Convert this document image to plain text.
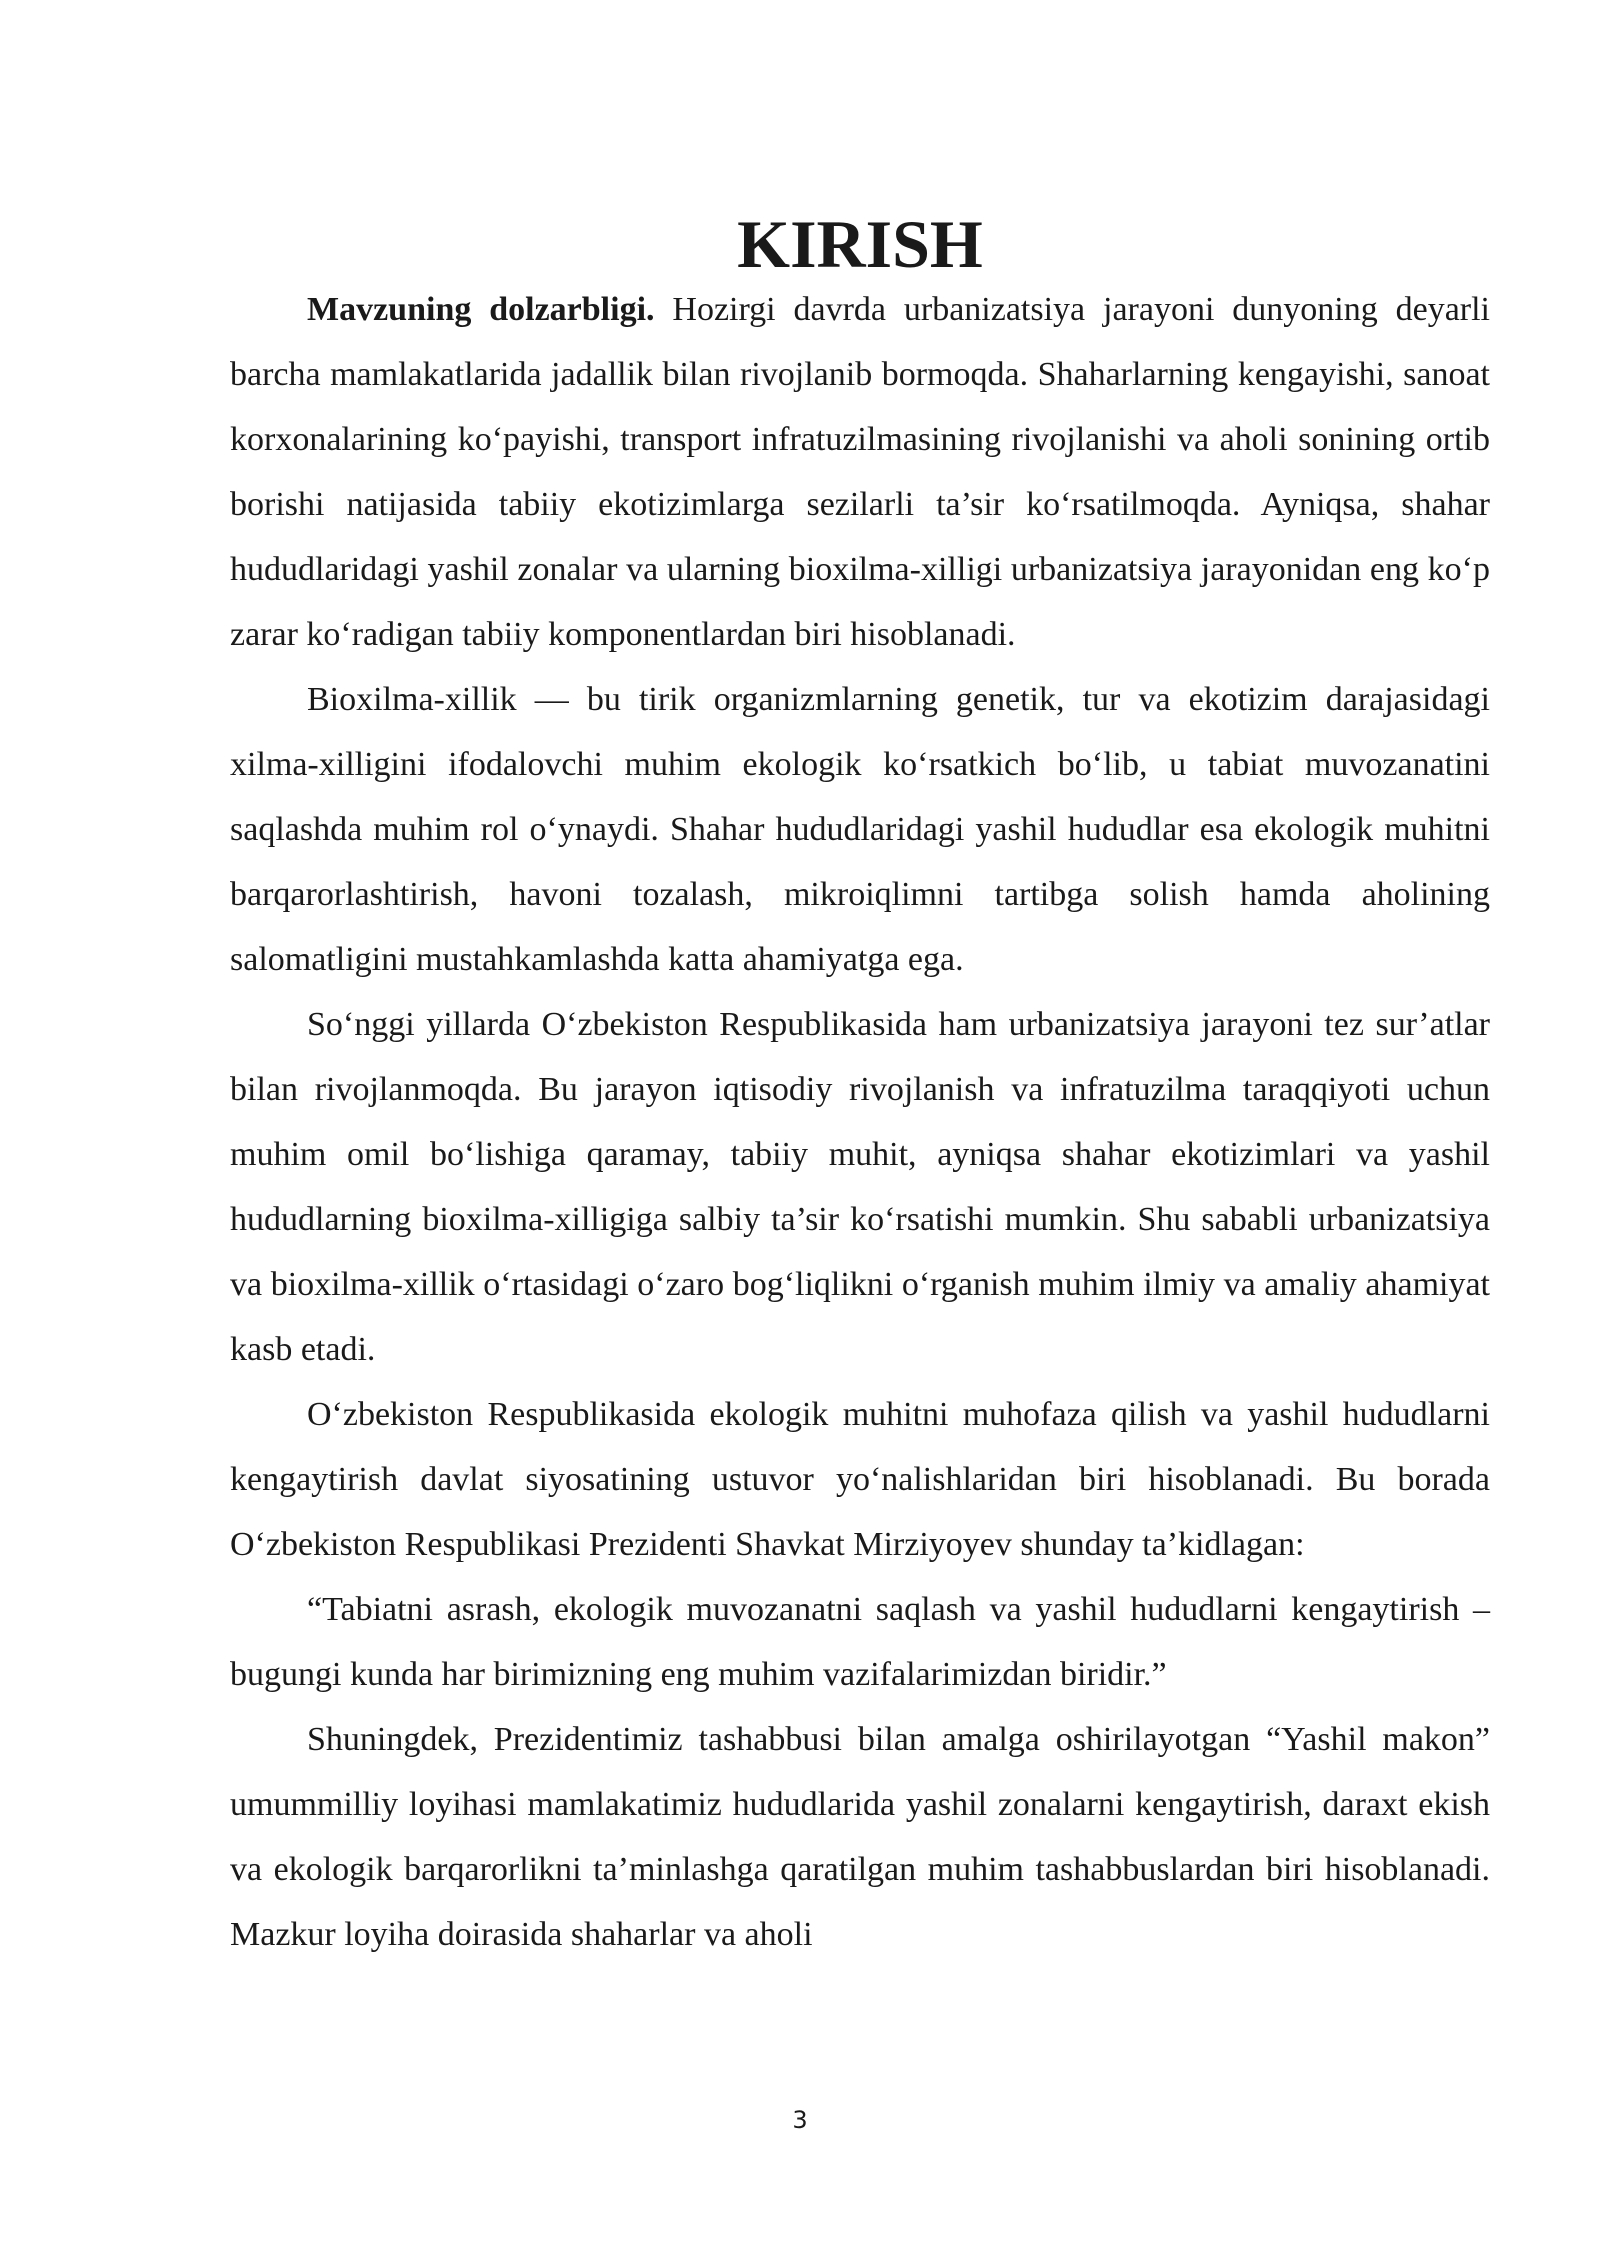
KIRISH

Mavzuning dolzarbligi. Hozirgi davrda urbanizatsiya jarayoni dunyoning deyarli barcha mamlakatlarida jadallik bilan rivojlanib bormoqda. Shaharlarning kengayishi, sanoat korxonalarining ko‘payishi, transport infratuzilmasining rivojlanishi va aholi sonining ortib borishi natijasida tabiiy ekotizimlarga sezilarli ta’sir ko‘rsatilmoqda. Ayniqsa, shahar hududlaridagi yashil zonalar va ularning bioxilma-xilligi urbanizatsiya jarayonidan eng ko‘p zarar ko‘radigan tabiiy komponentlardan biri hisoblanadi.

Bioxilma-xillik — bu tirik organizmlarning genetik, tur va ekotizim darajasidagi xilma-xilligini ifodalovchi muhim ekologik ko‘rsatkich bo‘lib, u tabiat muvozanatini saqlashda muhim rol o‘ynaydi. Shahar hududlaridagi yashil hududlar esa ekologik muhitni barqarorlashtirish, havoni tozalash, mikroiqlimni tartibga solish hamda aholining salomatligini mustahkamlashda katta ahamiyatga ega.

So‘nggi yillarda O‘zbekiston Respublikasida ham urbanizatsiya jarayoni tez sur’atlar bilan rivojlanmoqda. Bu jarayon iqtisodiy rivojlanish va infratuzilma taraqqiyoti uchun muhim omil bo‘lishiga qaramay, tabiiy muhit, ayniqsa shahar ekotizimlari va yashil hududlarning bioxilma-xilligiga salbiy ta’sir ko‘rsatishi mumkin. Shu sababli urbanizatsiya va bioxilma-xillik o‘rtasidagi o‘zaro bog‘liqlikni o‘rganish muhim ilmiy va amaliy ahamiyat kasb etadi.

O‘zbekiston Respublikasida ekologik muhitni muhofaza qilish va yashil hududlarni kengaytirish davlat siyosatining ustuvor yo‘nalishlaridan biri hisoblanadi. Bu borada O‘zbekiston Respublikasi Prezidenti Shavkat Mirziyoyev shunday ta’kidlagan:

“Tabiatni asrash, ekologik muvozanatni saqlash va yashil hududlarni kengaytirish – bugungi kunda har birimizning eng muhim vazifalarimizdan biridir.”

Shuningdek, Prezidentimiz tashabbusi bilan amalga oshirilayotgan “Yashil makon” umummilliy loyihasi mamlakatimiz hududlarida yashil zonalarni kengaytirish, daraxt ekish va ekologik barqarorlikni ta’minlashga qaratilgan muhim tashabbuslardan biri hisoblanadi. Mazkur loyiha doirasida shaharlar va aholi

3
